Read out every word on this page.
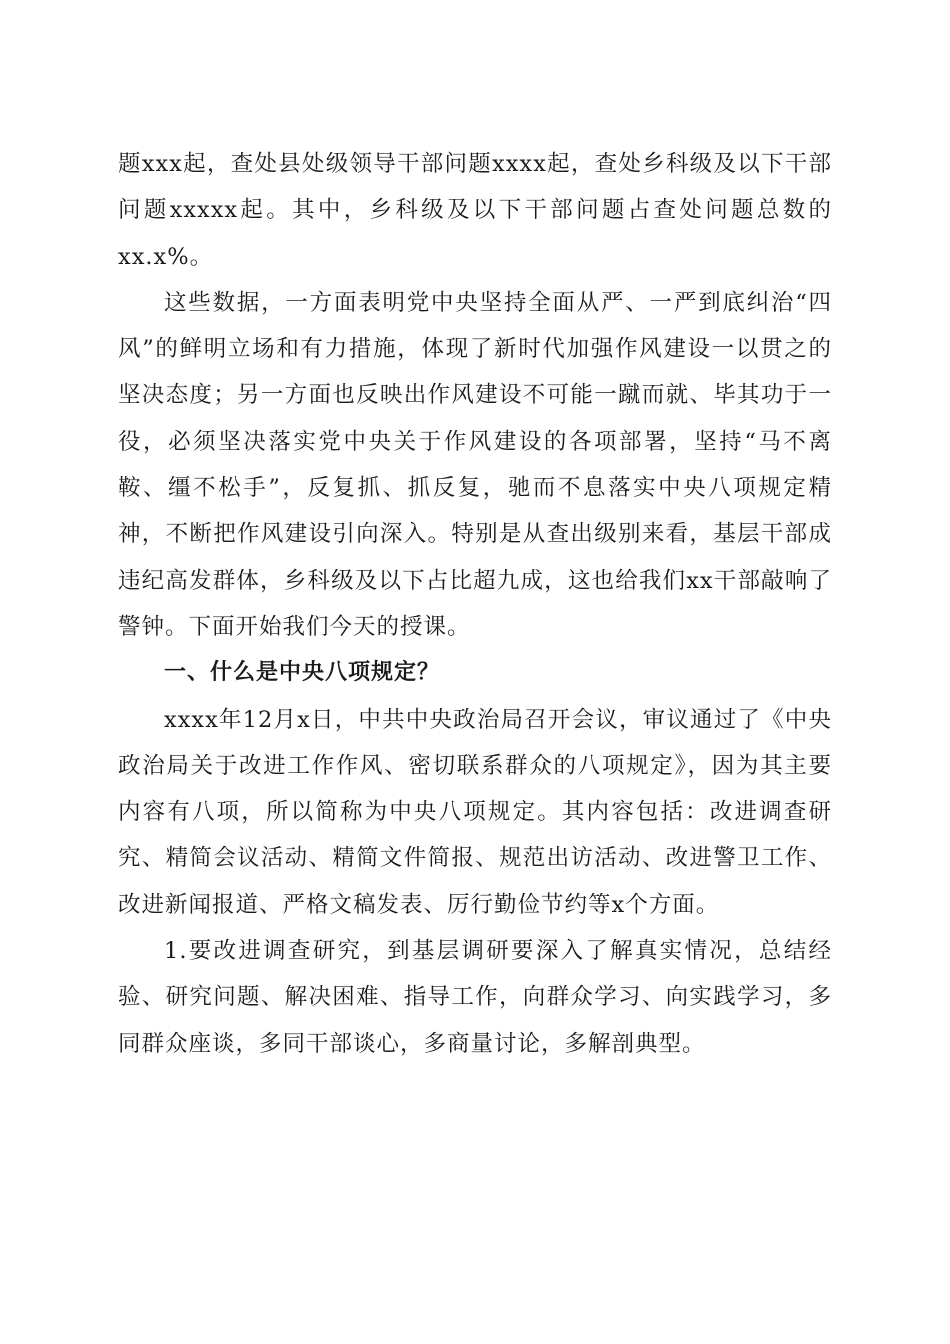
题xxx起，查处县处级领导干部问题xxxx起，查处乡科级及以下干部问题xxxxx起。其中，乡科级及以下干部问题占查处问题总数的xx.x%。

这些数据，一方面表明党中央坚持全面从严、一严到底纠治“四风”的鲜明立场和有力措施，体现了新时代加强作风建设一以贯之的坚决态度；另一方面也反映出作风建设不可能一蹴而就、毕其功于一役，必须坚决落实党中央关于作风建设的各项部署，坚持“马不离鞍、缰不松手”，反复抓、抓反复，驰而不息落实中央八项规定精神，不断把作风建设引向深入。特别是从查出级别来看，基层干部成违纪高发群体，乡科级及以下占比超九成，这也给我们xx干部敲响了警钟。下面开始我们今天的授课。

一、什么是中央八项规定？

xxxx年12月x日，中共中央政治局召开会议，审议通过了《中央政治局关于改进工作作风、密切联系群众的八项规定》，因为其主要内容有八项，所以简称为中央八项规定。其内容包括：改进调查研究、精简会议活动、精简文件简报、规范出访活动、改进警卫工作、改进新闻报道、严格文稿发表、厉行勤俭节约等x个方面。

1.要改进调查研究，到基层调研要深入了解真实情况，总结经验、研究问题、解决困难、指导工作，向群众学习、向实践学习，多同群众座谈，多同干部谈心，多商量讨论，多解剖典型。
